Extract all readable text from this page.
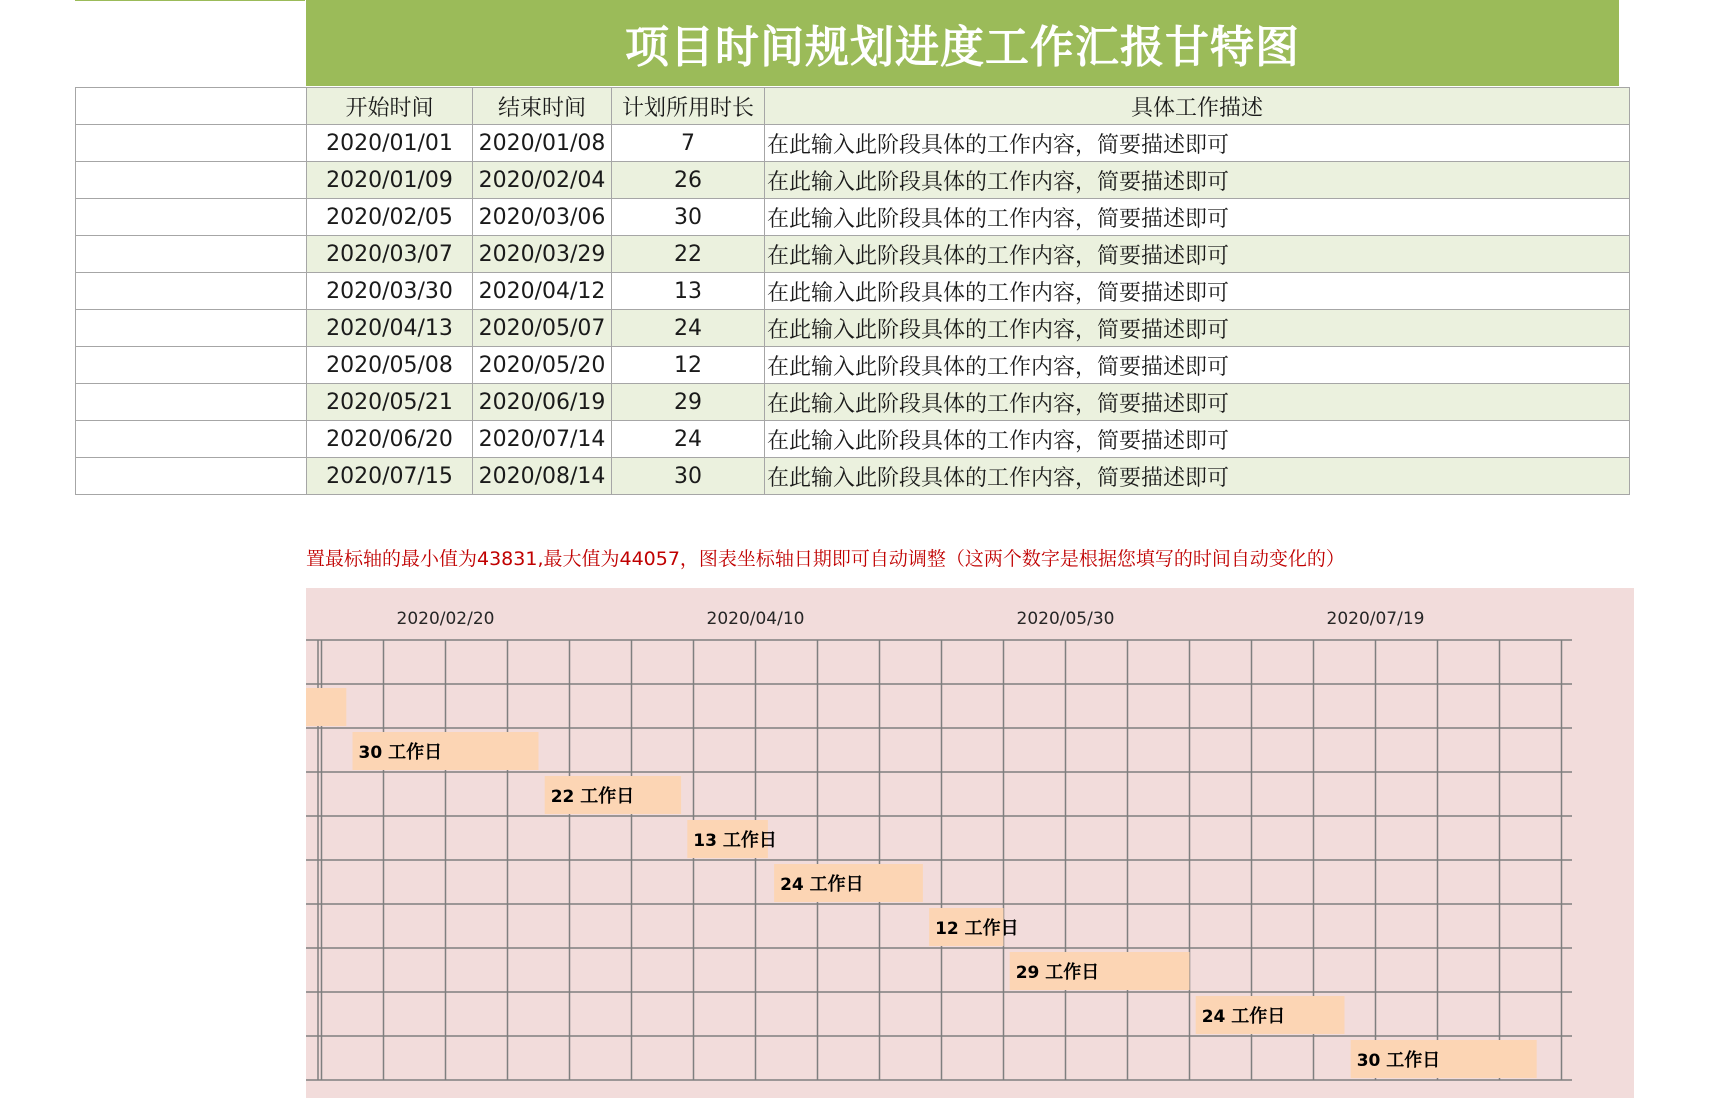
项目时间规划进度工作汇报甘特图
	开始时间	结束时间	计划所用时长	具体工作描述
	2020/01/01	2020/01/08	7	在此输入此阶段具体的工作内容，简要描述即可
	2020/01/09	2020/02/04	26	在此输入此阶段具体的工作内容，简要描述即可
	2020/02/05	2020/03/06	30	在此输入此阶段具体的工作内容，简要描述即可
	2020/03/07	2020/03/29	22	在此输入此阶段具体的工作内容，简要描述即可
	2020/03/30	2020/04/12	13	在此输入此阶段具体的工作内容，简要描述即可
	2020/04/13	2020/05/07	24	在此输入此阶段具体的工作内容，简要描述即可
	2020/05/08	2020/05/20	12	在此输入此阶段具体的工作内容，简要描述即可
	2020/05/21	2020/06/19	29	在此输入此阶段具体的工作内容，简要描述即可
	2020/06/20	2020/07/14	24	在此输入此阶段具体的工作内容，简要描述即可
	2020/07/15	2020/08/14	30	在此输入此阶段具体的工作内容，简要描述即可
置最标轴的最小值为43831,最大值为44057，图表坐标轴日期即可自动调整（这两个数字是根据您填写的时间自动变化的）
2020/02/20	2020/04/10	2020/05/30	2020/07/19
30 工作日
22 工作日
13 工作日
24 工作日
12 工作日
29 工作日
24 工作日
30 工作日
